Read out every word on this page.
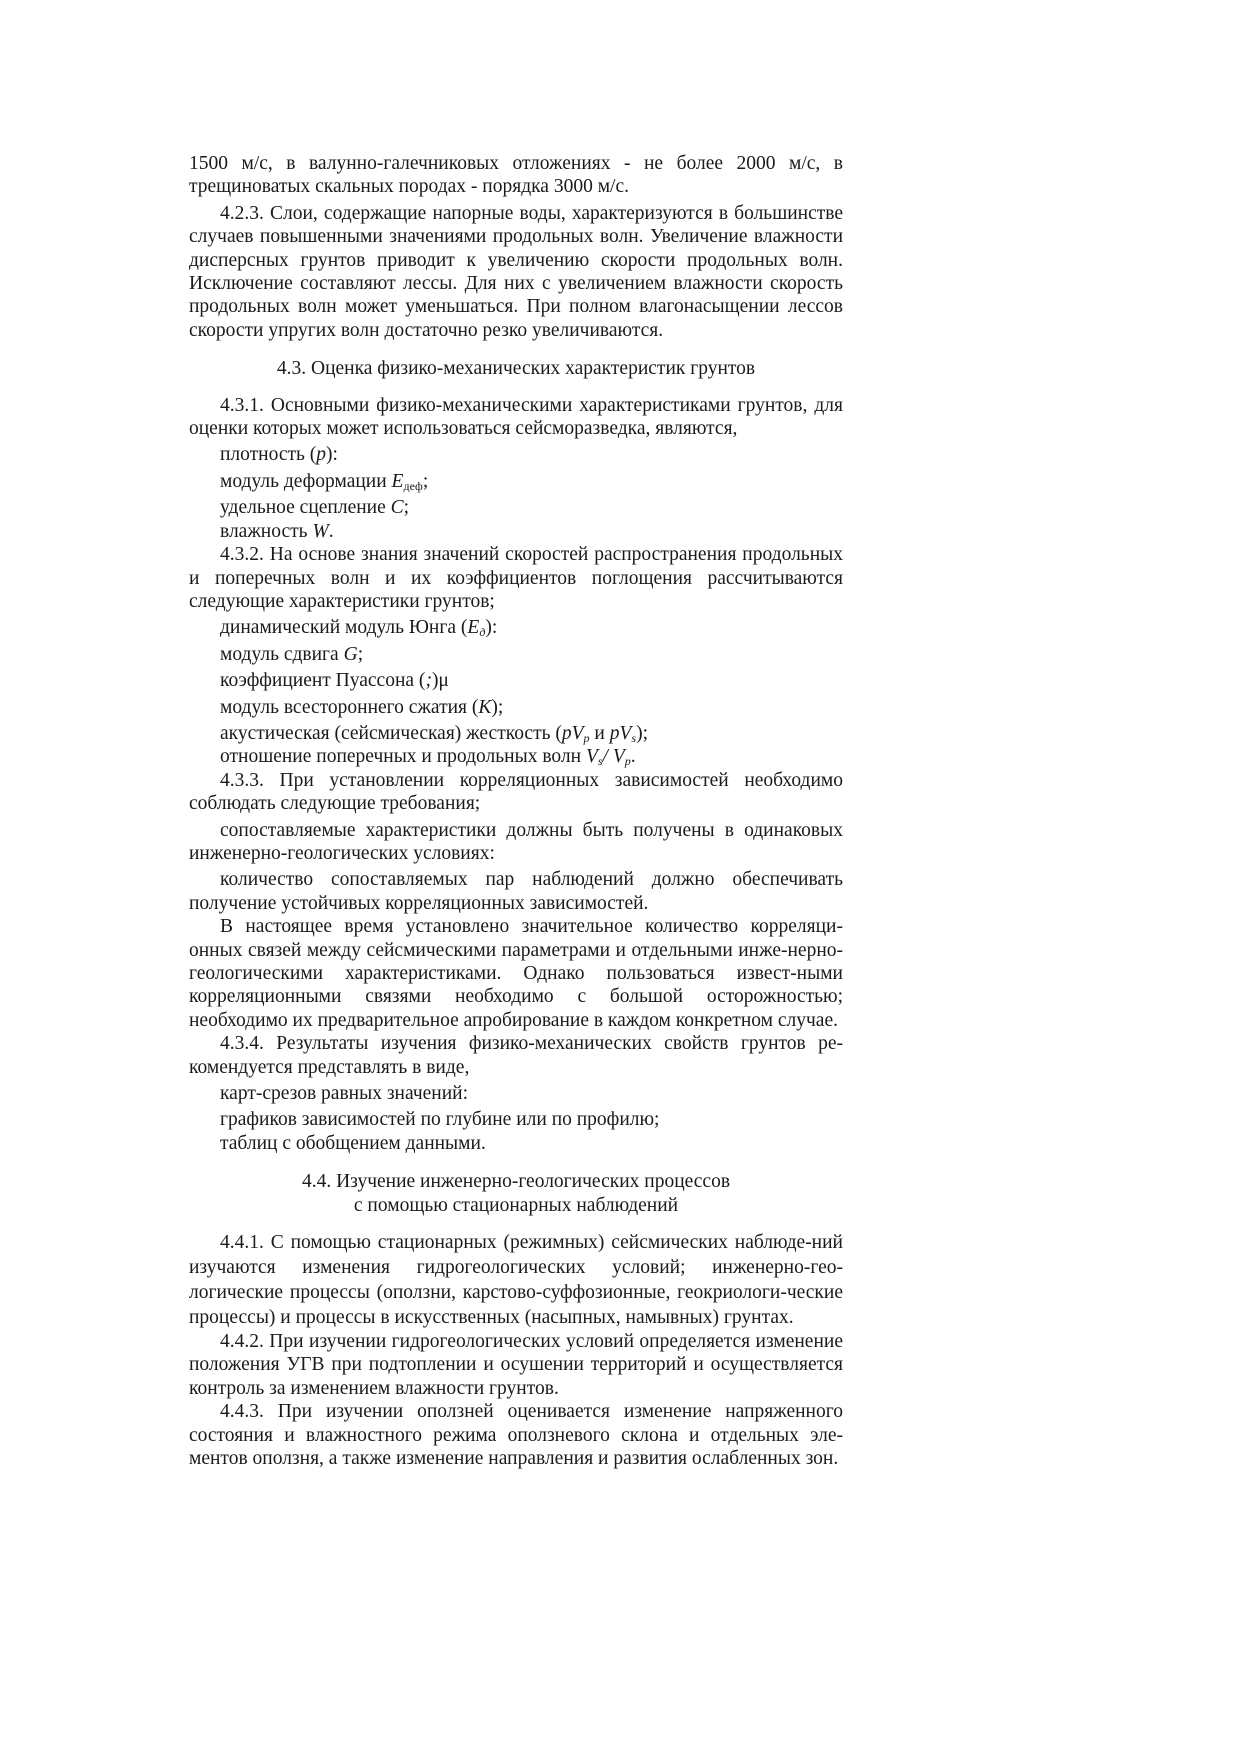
1500 м/с, в валунно-галечниковых отложениях - не более 2000 м/с, в трещиноватых скальных породах - порядка 3000 м/с.

4.2.3. Слои, содержащие напорные воды, характеризуются в большинстве случаев повышенными значениями продольных волн. Увеличение влажности дисперсных грунтов приводит к увеличению скорости продольных волн. Исключение составляют лессы. Для них с увеличением влажности скорость продольных волн может уменьшаться. При полном влагонасыщении лессов скорости упругих волн достаточно резко увеличиваются.

4.3. Оценка физико-механических характеристик грунтов

4.3.1. Основными физико-механическими характеристиками грунтов, для оценки которых может использоваться сейсморазведка, являются,

плотность (p):

модуль деформации $E_{деф}$;

удельное сцепление C;

влажность W.

4.3.2. На основе знания значений скоростей распространения продольных и поперечных волн и их коэффициентов поглощения рассчитываются следующие характеристики грунтов;

динамический модуль Юнга $(E_д)$:

модуль сдвига G;

коэффициент Пуассона (;)μ

модуль всестороннего сжатия (K);

акустическая (сейсмическая) жесткость ($pV_p$ и $pV_s$);

отношение поперечных и продольных волн $V_s/$ $V_p$.

4.3.3. При установлении корреляционных зависимостей необходимо соблюдать следующие требования;

сопоставляемые характеристики должны быть получены в одинаковых инженерно-геологических условиях:

количество сопоставляемых пар наблюдений должно обеспечивать получение устойчивых корреляционных зависимостей.

В настоящее время установлено значительное количество корреляци-онных связей между сейсмическими параметрами и отдельными инже-нерно-геологическими характеристиками. Однако пользоваться извест-ными корреляционными связями необходимо с большой осторожностью; необходимо их предварительное апробирование в каждом конкретном случае.

4.3.4. Результаты изучения физико-механических свойств грунтов ре-комендуется представлять в виде,

карт-срезов равных значений:

графиков зависимостей по глубине или по профилю;

таблиц с обобщением данными.

4.4. Изучение инженерно-геологических процессов
с помощью стационарных наблюдений

4.4.1. С помощью стационарных (режимных) сейсмических наблюде-ний изучаются изменения гидрогеологических условий; инженерно-гео-логические процессы (оползни, карстово-суффозионные, геокриологи-ческие процессы) и процессы в искусственных (насыпных, намывных) грунтах.

4.4.2. При изучении гидрогеологических условий определяется изменение положения УГВ при подтоплении и осушении территорий и осуществляется контроль за изменением влажности грунтов.

4.4.3. При изучении оползней оценивается изменение напряженного состояния и влажностного режима оползневого склона и отдельных эле-ментов оползня, а также изменение направления и развития ослабленных зон.
